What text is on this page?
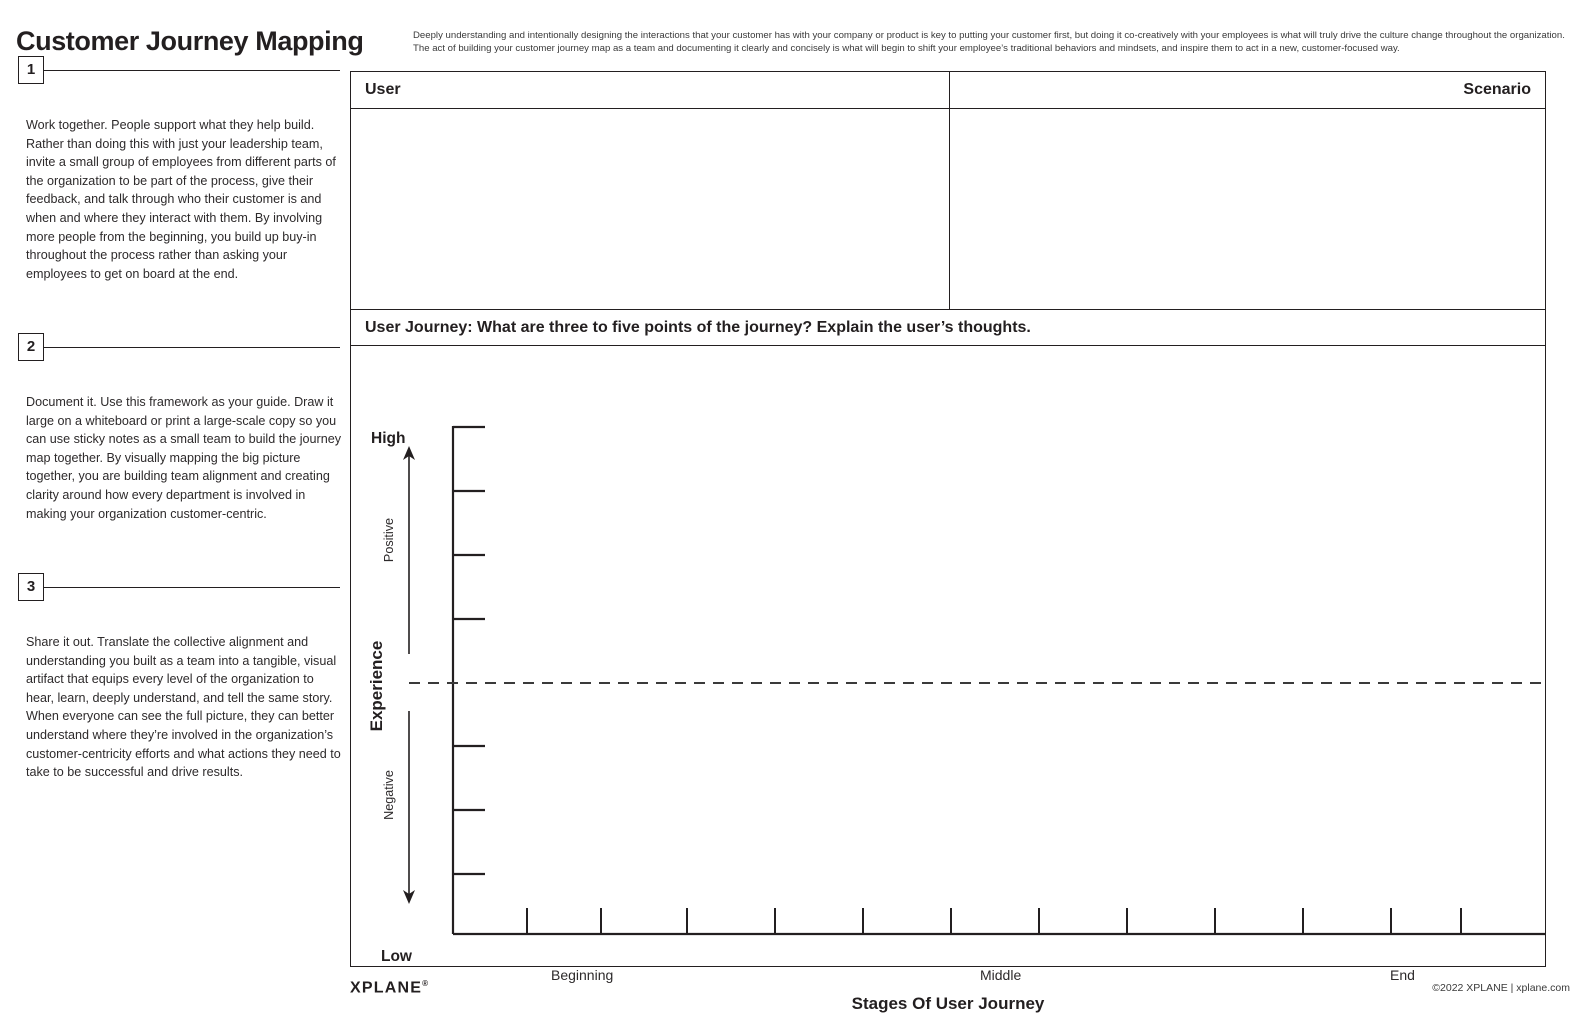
Customer Journey Mapping	Deeply understanding and intentionally designing the interactions that your customer has with your company or product is key to putting your customer first, but doing it co-creatively with your employees is what will truly drive the culture change throughout the organization. The act of building your customer journey map as a team and documenting it clearly and concisely is what will begin to shift your employee’s traditional behaviors and mindsets, and inspire them to act in a new, customer-focused way.
1
Work together. People support what they help build. Rather than doing this with just your leadership team, invite a small group of employees from different parts of the organization to be part of the process, give their feedback, and talk through who their customer is and when and where they interact with them. By involving more people from the beginning, you build up buy-in throughout the process rather than asking your employees to get on board at the end.
2
Document it. Use this framework as your guide. Draw it large on a whiteboard or print a large-scale copy so you can use sticky notes as a small team to build the journey map together. By visually mapping the big picture together, you are building team alignment and creating clarity around how every department is involved in making your organization customer-centric.
3
Share it out. Translate the collective alignment and understanding you built as a team into a tangible, visual artifact that equips every level of the organization to hear, learn, deeply understand, and tell the same story. When everyone can see the full picture, they can better understand where they’re involved in the organization’s customer-centricity efforts and what actions they need to take to be successful and drive results.
User	Scenario
User Journey: What are three to five points of the journey? Explain the user’s thoughts.
High
Low
Positive
Negative
Experience
Beginning	Middle	End
Stages Of User Journey
XPLANE®	©2022 XPLANE | xplane.com
